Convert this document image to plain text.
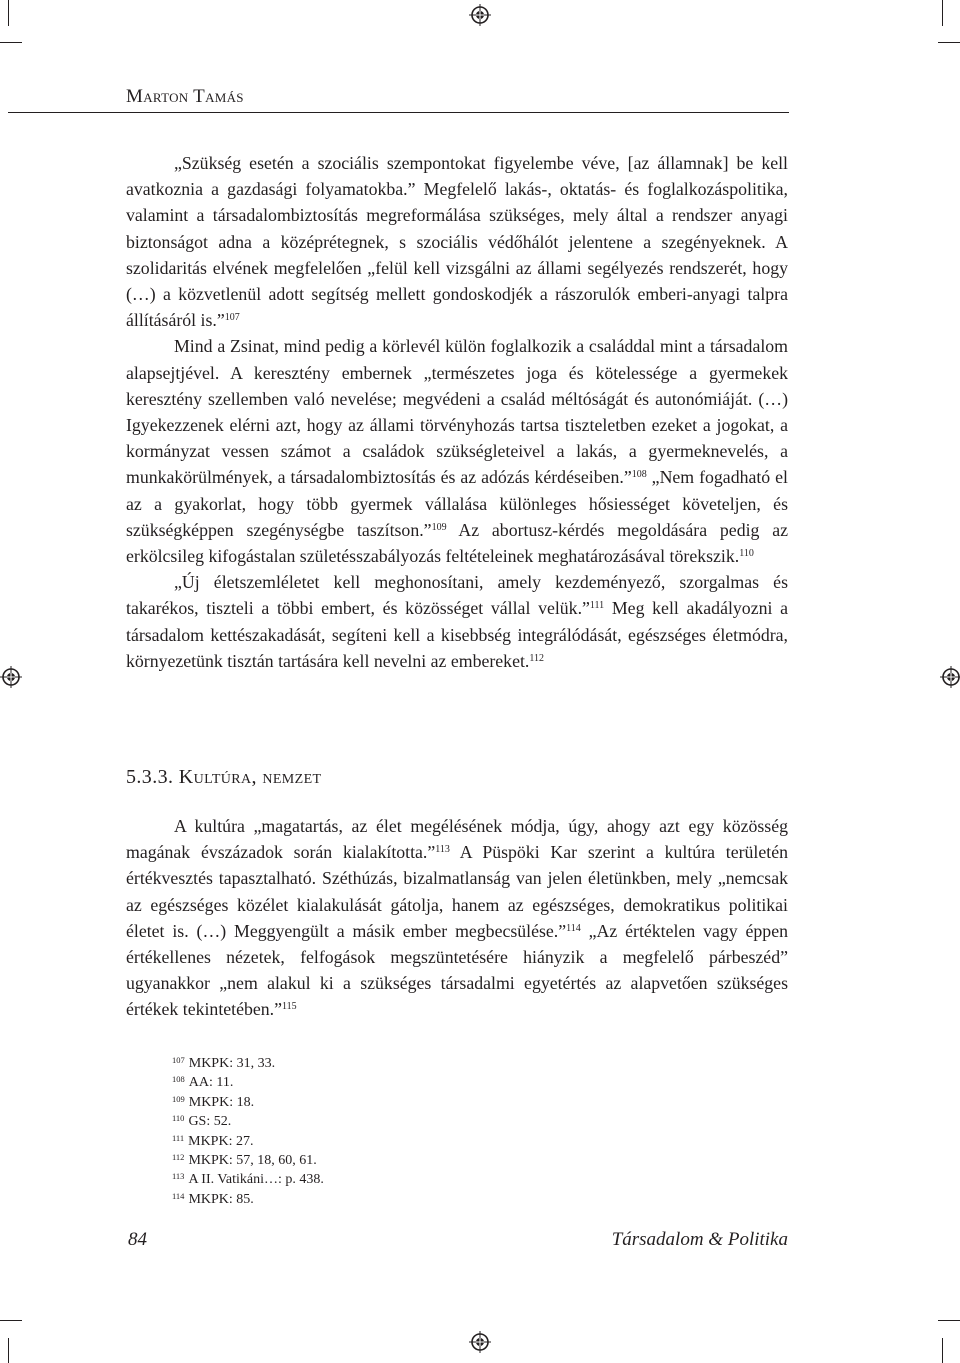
Marton Tamás

„Szükség esetén a szociális szempontokat figyelembe véve, [az államnak] be kell avatkoznia a gazdasági folyamatokba.” Megfelelő lakás-, oktatás- és foglalkozáspolitika, valamint a társadalombiztosítás megreformálása szükséges, mely által a rendszer anyagi biztonságot adna a középrétegnek, s szociális védőhálót jelentene a szegényeknek. A szolidaritás elvének megfelelően „felül kell vizsgálni az állami segélyezés rendszerét, hogy (…) a közvetlenül adott segítség mellett gondoskodjék a rászorulók emberi-anyagi talpra állításáról is.”$^{107}$

Mind a Zsinat, mind pedig a körlevél külön foglalkozik a családdal mint a társadalom alapsejtjével. A keresztény embernek „természetes joga és kötelessége a gyermekek keresztény szellemben való nevelése; megvédeni a család méltóságát és autonómiáját. (…) Igyekezzenek elérni azt, hogy az állami törvényhozás tartsa tiszteletben ezeket a jogokat, a kormányzat vessen számot a családok szükségleteivel a lakás, a gyermeknevelés, a munkakörülmények, a társadalombiztosítás és az adózás kérdéseiben.”$^{108}$ „Nem fogadható el az a gyakorlat, hogy több gyermek vállalása különleges hősiességet követeljen, és szükségképpen szegénységbe taszítson.”$^{109}$ Az abortusz-kérdés megoldására pedig az erkölcsileg kifogástalan születésszabályozás feltételeinek meghatározásával törekszik.$^{110}$

„Új életszemléletet kell meghonosítani, amely kezdeményező, szorgalmas és takarékos, tiszteli a többi embert, és közösséget vállal velük.”$^{111}$ Meg kell akadályozni a társadalom kettészakadását, segíteni kell a kisebbség integrálódását, egészséges életmódra, környezetünk tisztán tartására kell nevelni az embereket.$^{112}$

5.3.3. Kultúra, nemzet

A kultúra „magatartás, az élet megélésének módja, úgy, ahogy azt egy közösség magának évszázadok során kialakította.”$^{113}$ A Püspöki Kar szerint a kultúra területén értékvesztés tapasztalható. Széthúzás, bizalmatlanság van jelen életünkben, mely „nemcsak az egészséges közélet kialakulását gátolja, hanem az egészséges, demokratikus politikai életet is. (…) Meggyengült a másik ember megbecsülése.”$^{114}$ „Az értéktelen vagy éppen értékellenes nézetek, felfogások megszüntetésére hiányzik a megfelelő párbeszéd” ugyanakkor „nem alakul ki a szükséges társadalmi egyetértés az alapvetően szükséges értékek tekintetében.”$^{115}$

$^{107}$ MKPK: 31, 33.
$^{108}$ AA: 11.
$^{109}$ MKPK: 18.
$^{110}$ GS: 52.
$^{111}$ MKPK: 27.
$^{112}$ MKPK: 57, 18, 60, 61.
$^{113}$ A II. Vatikáni…: p. 438.
$^{114}$ MKPK: 85.
84	Társadalom & Politika
